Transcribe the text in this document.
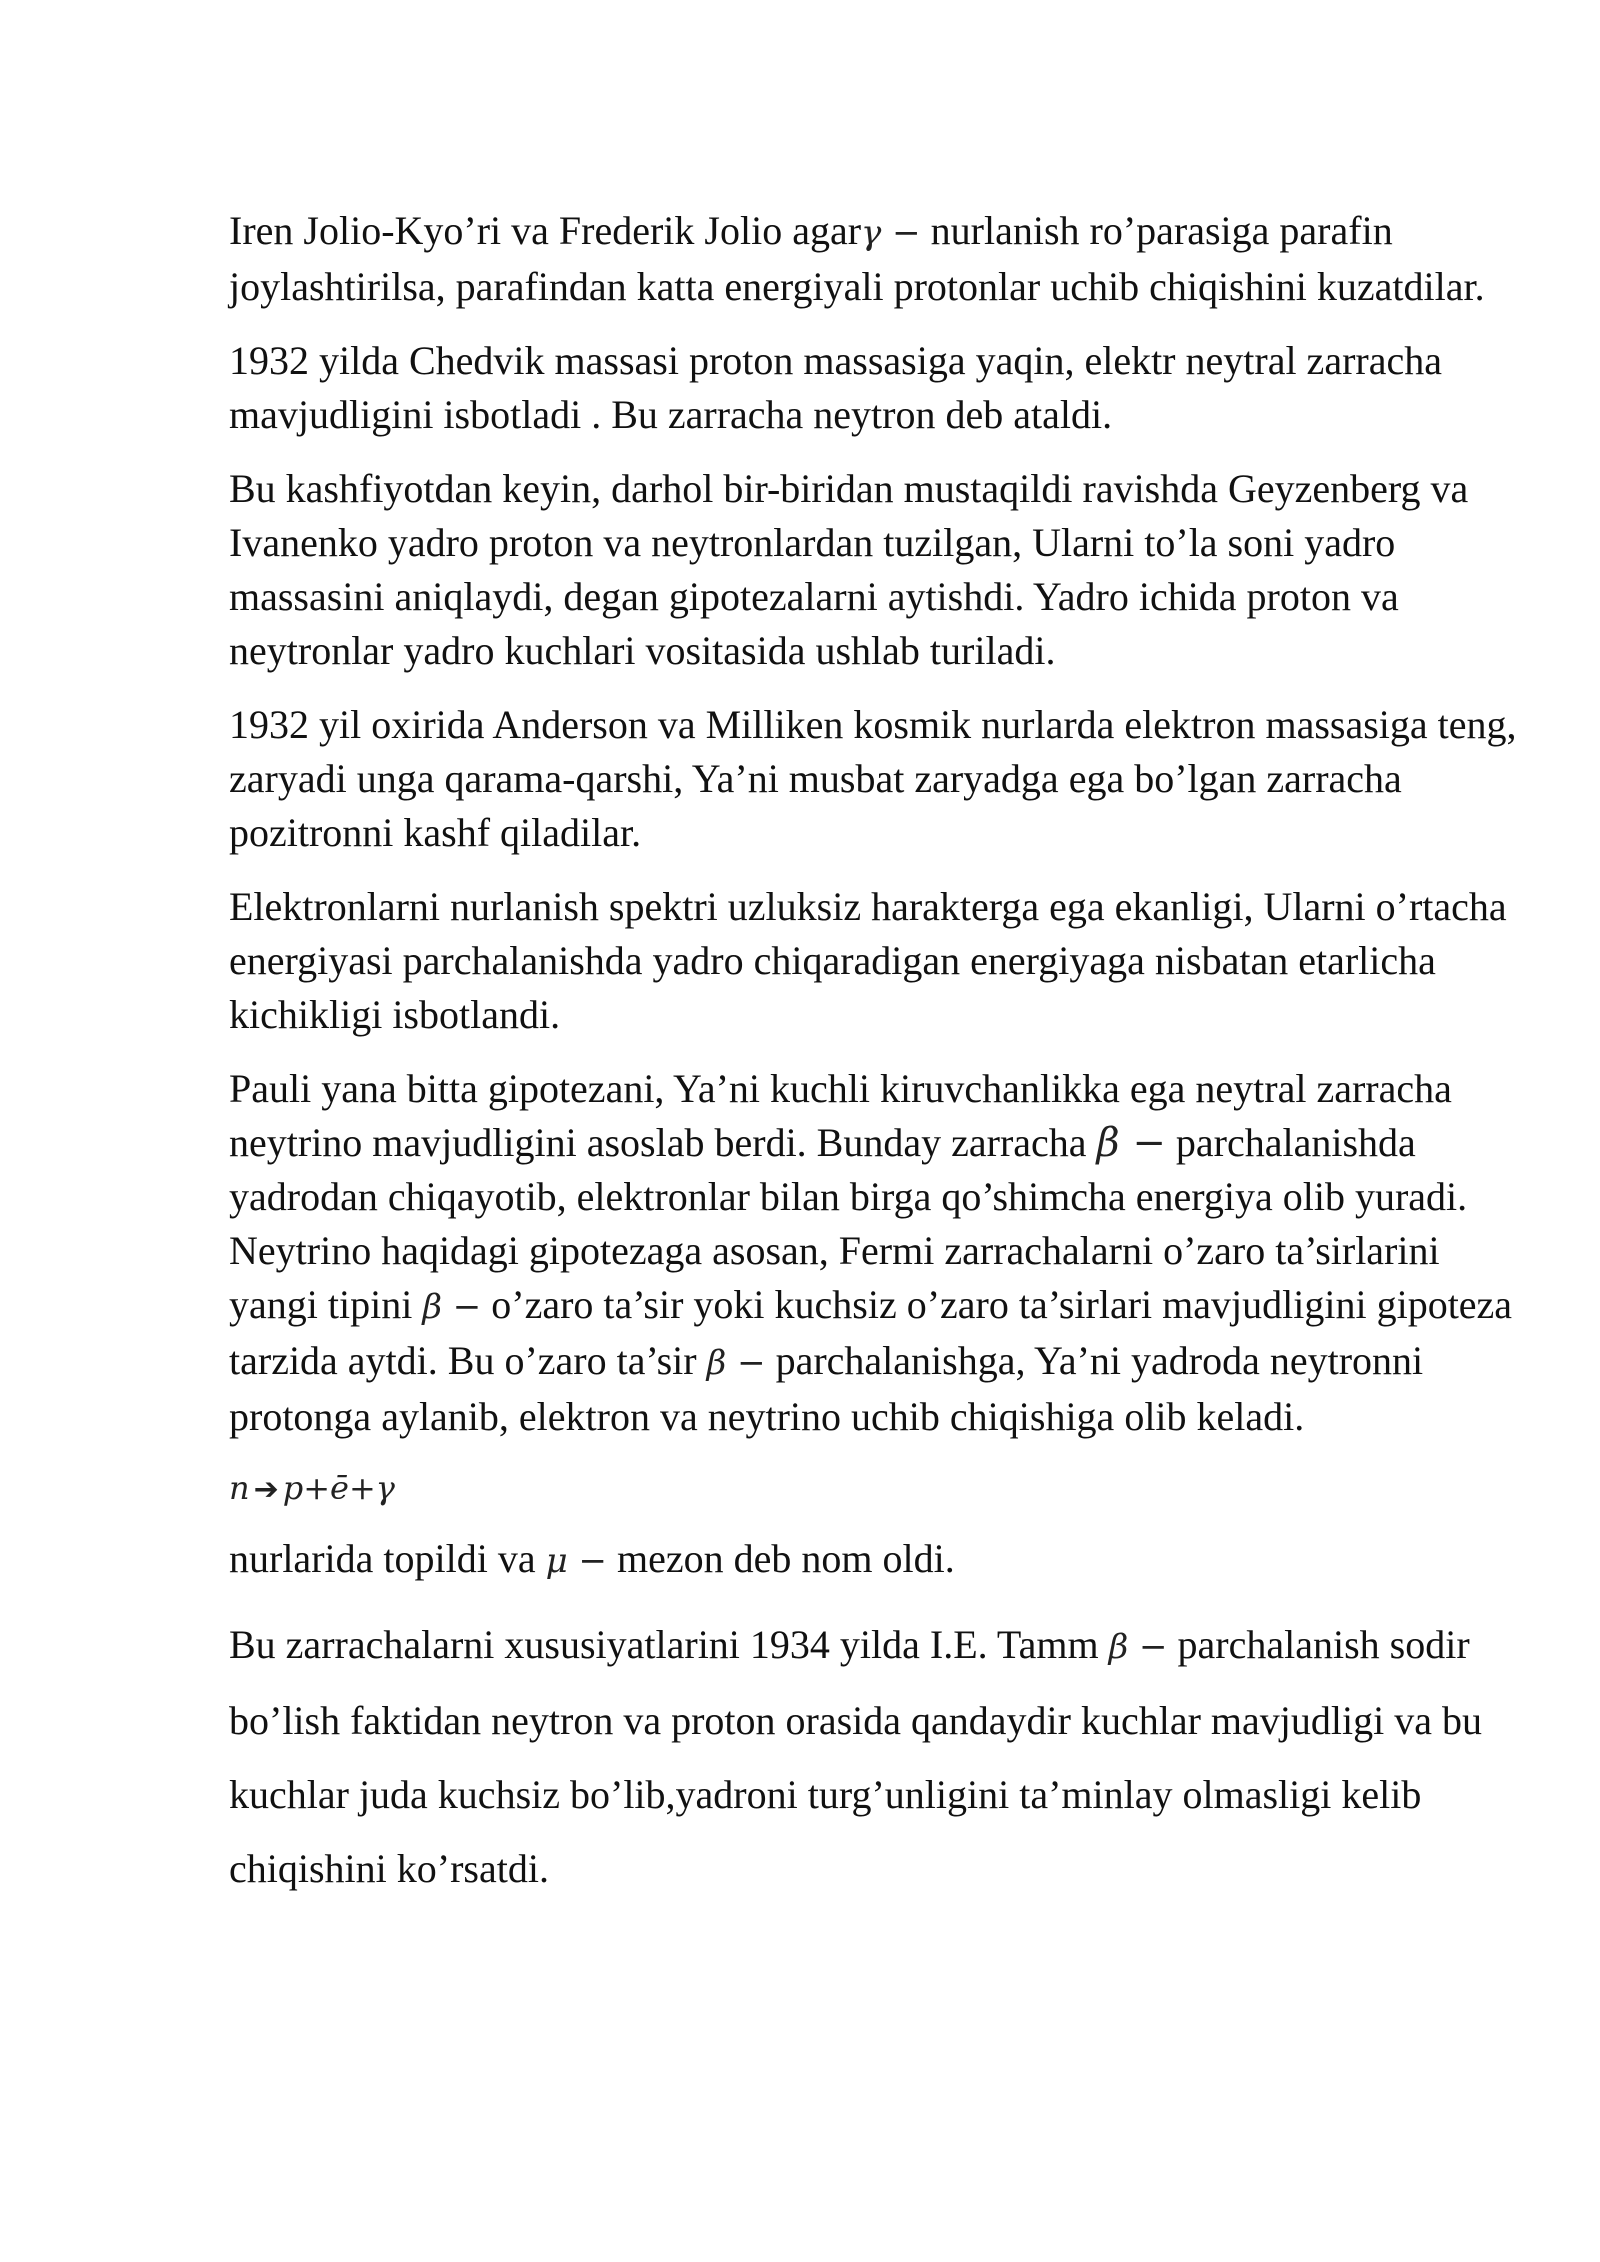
Iren Jolio-Kyo’ri va Frederik Jolio agarγ − nurlanish ro’parasiga parafin joylashtirilsa, parafindan katta energiyali protonlar uchib chiqishini kuzatdilar.

1932 yilda Chedvik massasi proton massasiga yaqin, elektr neytral zarracha mavjudligini isbotladi . Bu zarracha neytron deb ataldi.

Bu kashfiyotdan keyin, darhol bir-biridan mustaqildi ravishda Geyzenberg va Ivanenko yadro proton va neytronlardan tuzilgan, Ularni to’la soni yadro massasini aniqlaydi, degan gipotezalarni aytishdi. Yadro ichida proton va neytronlar yadro kuchlari vositasida ushlab turiladi.

1932 yil oxirida Anderson va Milliken kosmik nurlarda elektron massasiga teng, zaryadi unga qarama-qarshi, Ya’ni musbat zaryadga ega bo’lgan zarracha pozitronni kashf qiladilar.

Elektronlarni nurlanish spektri uzluksiz harakterga ega ekanligi, Ularni o’rtacha energiyasi parchalanishda yadro chiqaradigan energiyaga nisbatan etarlicha kichikligi isbotlandi.

Pauli yana bitta gipotezani, Ya’ni kuchli kiruvchanlikka ega neytral zarracha neytrino mavjudligini asoslab berdi. Bunday zarracha β − parchalanishda yadrodan chiqayotib, elektronlar bilan birga qo’shimcha energiya olib yuradi. Neytrino haqidagi gipotezaga asosan, Fermi zarrachalarni o’zaro ta’sirlarini yangi tipini β − o’zaro ta’sir yoki kuchsiz o’zaro ta’sirlari mavjudligini gipoteza tarzida aytdi. Bu o’zaro ta’sir β − parchalanishga, Ya’ni yadroda neytronni protonga aylanib, elektron va neytrino uchib chiqishiga olib keladi.

n ➔ p+ē+γ

nurlarida topildi va μ − mezon deb nom oldi.

Bu zarrachalarni xususiyatlarini 1934 yilda I.E. Tamm β − parchalanish sodir bo’lish faktidan neytron va proton orasida qandaydir kuchlar mavjudligi va bu kuchlar juda kuchsiz bo’lib,yadroni turg’unligini ta’minlay olmasligi kelib chiqishini ko’rsatdi.
